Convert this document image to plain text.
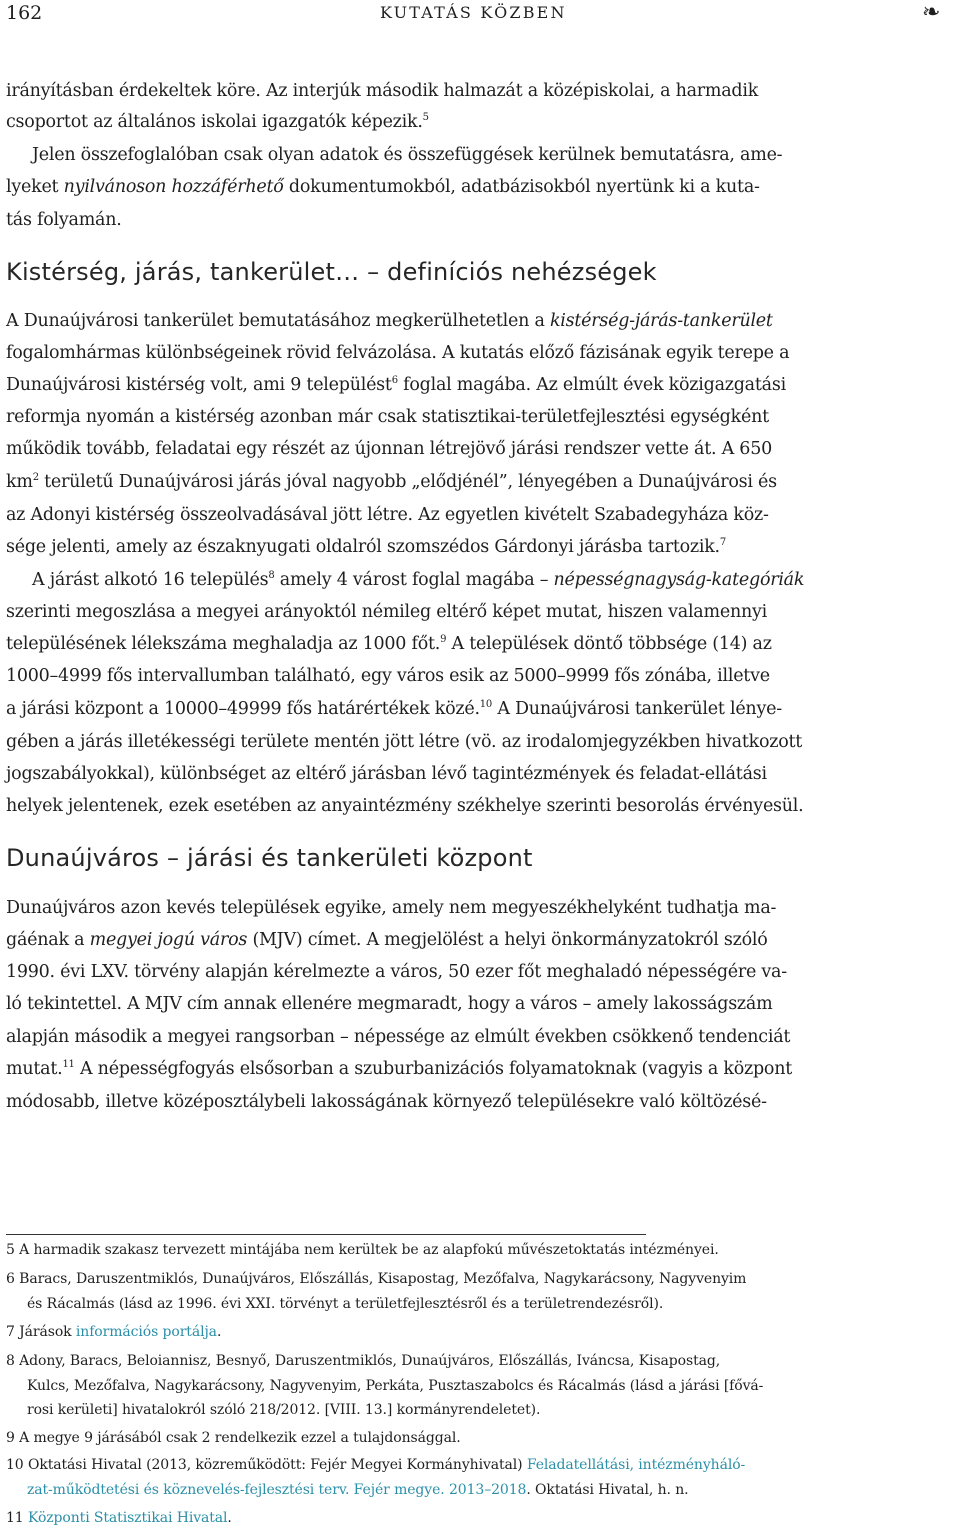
162	KUTATÁS KÖZBEN	❧
irányításban érdekeltek köre. Az interjúk második halmazát a középiskolai, a harmadik
csoportot az általános iskolai igazgatók képezik.$^5$
Jelen összefoglalóban csak olyan adatok és összefüggések kerülnek bemutatásra, ame-
lyeket nyilvánoson hozzáférhető dokumentumokból, adatbázisokból nyertünk ki a kuta-
tás folyamán.
Kistérség, járás, tankerület… – definíciós nehézségek
A Dunaújvárosi tankerület bemutatásához megkerülhetetlen a kistérség-járás-tankerület
fogalomhármas különbségeinek rövid felvázolása. A kutatás előző fázisának egyik terepe a
Dunaújvárosi kistérség volt, ami 9 települést$^6$ foglal magába. Az elmúlt évek közigazgatási
reformja nyomán a kistérség azonban már csak statisztikai-területfejlesztési egységként
működik tovább, feladatai egy részét az újonnan létrejövő járási rendszer vette át. A 650
$km^2$ területű Dunaújvárosi járás jóval nagyobb „elődjénél”, lényegében a Dunaújvárosi és
az Adonyi kistérség összeolvadásával jött létre. Az egyetlen kivételt Szabadegyháza köz-
sége jelenti, amely az északnyugati oldalról szomszédos Gárdonyi járásba tartozik.$^7$
A járást alkotó 16 település$^8$ amely 4 várost foglal magába – népességnagyság-kategóriák
szerinti megoszlása a megyei arányoktól némileg eltérő képet mutat, hiszen valamennyi
településének lélekszáma meghaladja az 1000 főt.$^9$ A települések döntő többsége (14) az
1000–4999 fős intervallumban található, egy város esik az 5000–9999 fős zónába, illetve
a járási központ a 10000–49999 fős határértékek közé.$^{10}$ A Dunaújvárosi tankerület lénye-
gében a járás illetékességi területe mentén jött létre (vö. az irodalomjegyzékben hivatkozott
jogszabályokkal), különbséget az eltérő járásban lévő tagintézmények és feladat-ellátási
helyek jelentenek, ezek esetében az anyaintézmény székhelye szerinti besorolás érvényesül.
Dunaújváros – járási és tankerületi központ
Dunaújváros azon kevés települések egyike, amely nem megyeszékhelyként tudhatja ma-
gáénak a megyei jogú város (MJV) címet. A megjelölést a helyi önkormányzatokról szóló
1990. évi LXV. törvény alapján kérelmezte a város, 50 ezer főt meghaladó népességére va-
ló tekintettel. A MJV cím annak ellenére megmaradt, hogy a város – amely lakosságszám
alapján második a megyei rangsorban – népessége az elmúlt években csökkenő tendenciát
mutat.$^{11}$ A népességfogyás elsősorban a szuburbanizációs folyamatoknak (vagyis a központ
módosabb, illetve középosztálybeli lakosságának környező településekre való költözésé-
5 A harmadik szakasz tervezett mintájába nem kerültek be az alapfokú művészetoktatás intézményei.
6 Baracs, Daruszentmiklós, Dunaújváros, Előszállás, Kisapostag, Mezőfalva, Nagykarácsony, Nagyvenyim
és Rácalmás (lásd az 1996. évi XXI. törvényt a területfejlesztésről és a területrendezésről).
7 Járások információs portálja.
8 Adony, Baracs, Beloiannisz, Besnyő, Daruszentmiklós, Dunaújváros, Előszállás, Iváncsa, Kisapostag,
Kulcs, Mezőfalva, Nagykarácsony, Nagyvenyim, Perkáta, Pusztaszabolcs és Rácalmás (lásd a járási [fővá-
rosi kerületi] hivatalokról szóló 218/2012. [VIII. 13.] kormányrendeletet).
9 A megye 9 járásából csak 2 rendelkezik ezzel a tulajdonsággal.
10 Oktatási Hivatal (2013, közreműködött: Fejér Megyei Kormányhivatal) Feladatellátási, intézményháló-
zat-működtetési és köznevelés-fejlesztési terv. Fejér megye. 2013–2018. Oktatási Hivatal, h. n.
11 Központi Statisztikai Hivatal.
